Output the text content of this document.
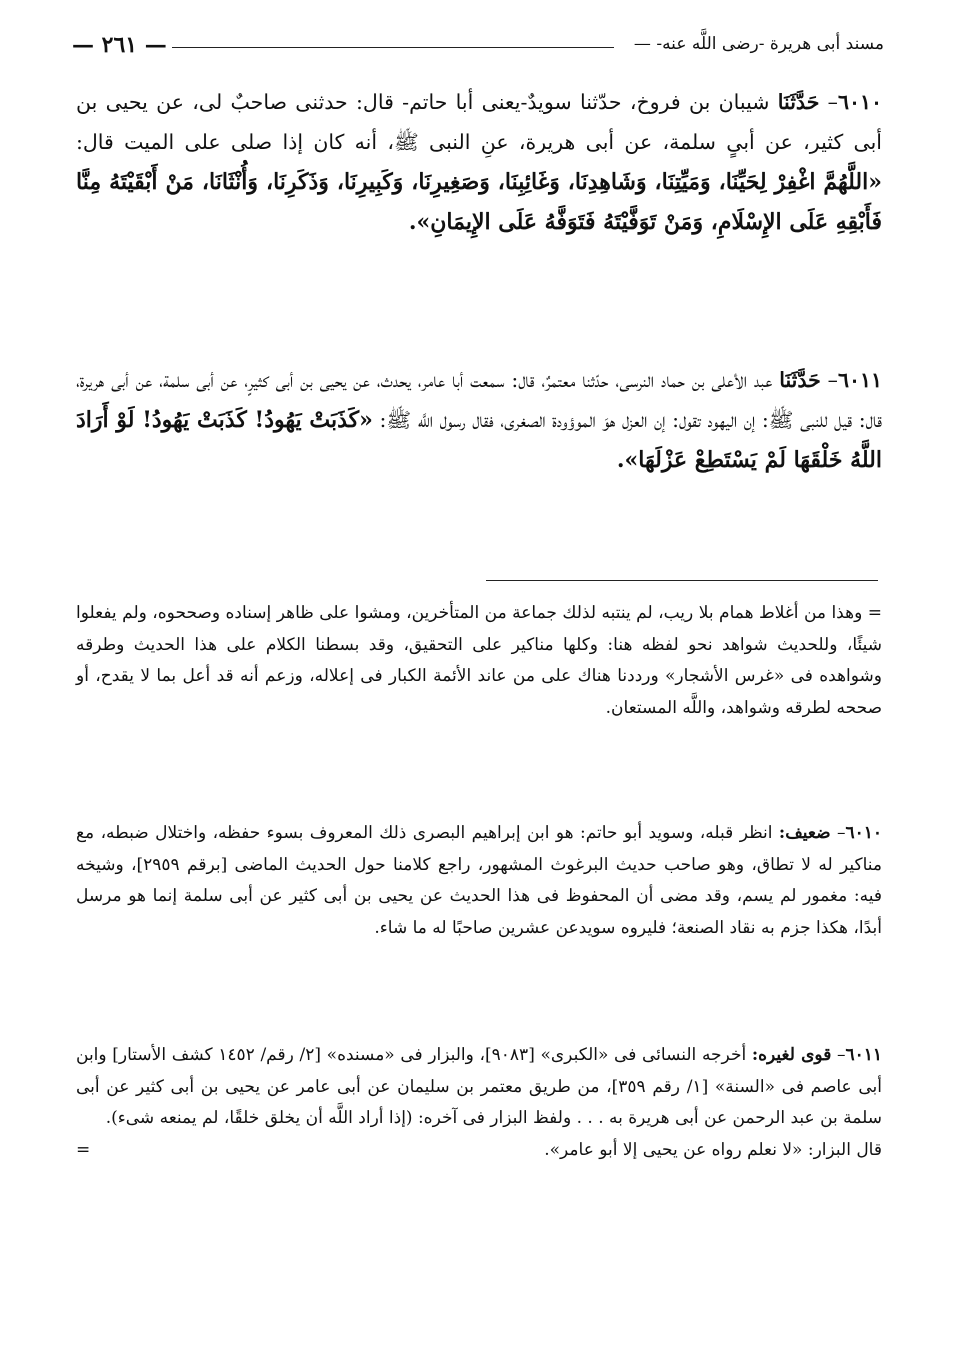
— ٢٦١ —	مسند أبى هريرة -رضى اللَّه عنه- —
٦٠١٠– حَدَّثَنَا شيبان بن فروخ، حدّثنا سويدٌ-يعنى أبا حاتم- قال: حدثنى صاحبٌ لى، عن يحيى بن أبى كثير، عن أبىٍ سلمة، عن أبى هريرة، عنِ النبى ﷺ، أنه كان إذا صلى على الميت قال: «اللَّهُمَّ اغْفِرْ لِحَيِّنَا، وَمَيِّتِنَا، وَشَاهِدِنَا، وَغَائِبِنَا، وَصَغِيرِنَا، وَكَبِيرِنَا، وَذَكَرِنَا، وَأُنْثَانَا، مَنْ أَبْقَيْتَهُ مِنَّا فَأَبْقِهِ عَلَى الإِسْلَامِ، وَمَنْ تَوَفَّيْتَهُ فَتَوَفَّهُ عَلَى الإِيمَانِ».
٦٠١١– حَدَّثَنَا عبد الأعلى بن حماد النرسى، حدّثنا معتمرٌ، قال: سمعت أبا عامر، يحدث، عن يحيى بن أبى كثيرٍ، عن أبى سلمة، عن أبى هريرة، قال: قيل للنبى ﷺ: إن اليهود تقول: إن العزل هوَ الموؤودة الصغرى، فقال رسول اللَّه ﷺ: «كَذَبَتْ يَهُودُ! كَذَبَتْ يَهُودُ! لَوْ أَرَادَ اللَّهُ خَلْقَهَا لَمْ يَسْتَطِعْ عَزْلَهَا».

= وهذا من أغلاط همام بلا ريب، لم ينتبه لذلك جماعة من المتأخرين، ومشوا على ظاهر إسناده وصححوه، ولم يفعلوا شيئًا، وللحديث شواهد نحو لفظه هنا: وكلها مناكير على التحقيق، وقد بسطنا الكلام على هذا الحديث وطرقه وشواهده فى «غرس الأشجار» ورددنا هناك على من عاند الأئمة الكبار فى إعلاله، وزعم أنه قد أعل بما لا يقدح، أو صححه لطرقه وشواهد، واللَّه المستعان.

٦٠١٠– ضعيف: انظر قبله، وسويد أبو حاتم: هو ابن إبراهيم البصرى ذلك المعروف بسوء حفظه، واختلال ضبطه، مع مناكير له لا تطاق، وهو صاحب حديث البرغوث المشهور، راجع كلامنا حول الحديث الماضى [برقم ٢٩٥٩]، وشيخه فيه: مغمور لم يسم، وقد مضى أن المحفوظ فى هذا الحديث عن يحيى بن أبى كثير عن أبى سلمة إنما هو مرسل أبدًا، هكذا جزم به نقاد الصنعة؛ فليروه سويدعن عشرين صاحبًا له ما شاء.

٦٠١١– قوى لغيره: أخرجه النسائى فى «الكبرى» [٩٠٨٣]، والبزار فى «مسنده» [٢/ رقم/ ١٤٥٢ كشف الأستار] وابن أبى عاصم فى «السنة» [١/ رقم ٣٥٩]، من طريق معتمر بن سليمان عن أبى عامر عن يحيى بن أبى كثير عن أبى سلمة بن عبد الرحمن عن أبى هريرة به . . . ولفظ البزار فى آخره: (إذا أراد اللَّه أن يخلق خلقًا، لم يمنعه شىء).

قال البزار: «لا نعلم رواه عن يحيى إلا أبو عامر».
=
